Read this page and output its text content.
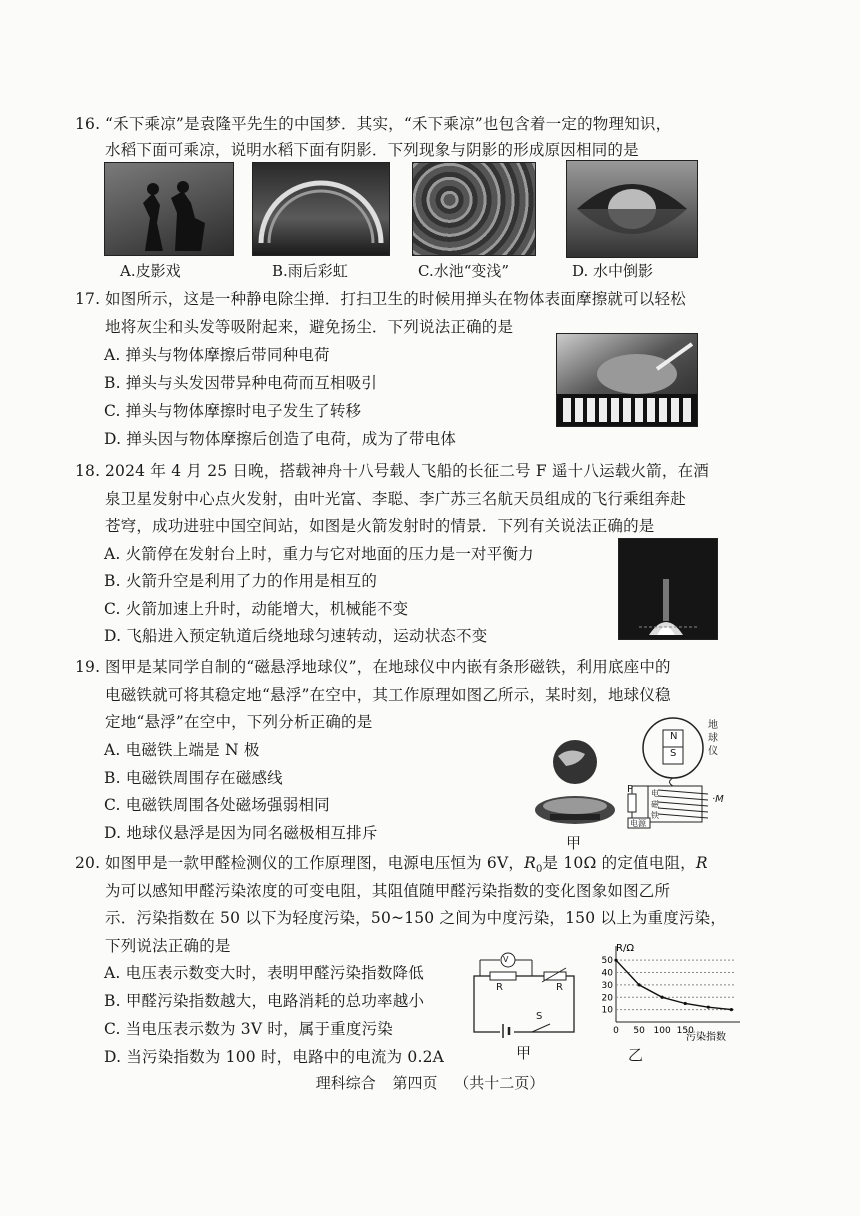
16. “禾下乘凉”是袁隆平先生的中国梦．其实，“禾下乘凉”也包含着一定的物理知识，
水稻下面可乘凉，说明水稻下面有阴影．下列现象与阴影的形成原因相同的是
A.皮影戏	B.雨后彩虹	C.水池“变浅”	D. 水中倒影
17. 如图所示，这是一种静电除尘掸．打扫卫生的时候用掸头在物体表面摩擦就可以轻松
地将灰尘和头发等吸附起来，避免扬尘．下列说法正确的是
A. 掸头与物体摩擦后带同种电荷
B. 掸头与头发因带异种电荷而互相吸引
C. 掸头与物体摩擦时电子发生了转移
D. 掸头因与物体摩擦后创造了电荷，成为了带电体
18. 2024 年 4 月 25 日晚，搭载神舟十八号载人飞船的长征二号 F 遥十八运载火箭，在酒
泉卫星发射中心点火发射，由叶光富、李聪、李广苏三名航天员组成的飞行乘组奔赴
苍穹，成功进驻中国空间站，如图是火箭发射时的情景．下列有关说法正确的是
A. 火箭停在发射台上时，重力与它对地面的压力是一对平衡力
B. 火箭升空是利用了力的作用是相互的
C. 火箭加速上升时，动能增大，机械能不变
D. 飞船进入预定轨道后绕地球匀速转动，运动状态不变
19. 图甲是某同学自制的“磁悬浮地球仪”，在地球仪中内嵌有条形磁铁，利用底座中的
电磁铁就可将其稳定地“悬浮”在空中，其工作原理如图乙所示，某时刻，地球仪稳
定地“悬浮”在空中，下列分析正确的是
A. 电磁铁上端是 N 极
B. 电磁铁周围存在磁感线
C. 电磁铁周围各处磁场强弱相同
D. 地球仪悬浮是因为同名磁极相互排斥
甲
地
球
仪
N
S
P 电
磁
铁
电源
·M
20. 如图甲是一款甲醛检测仪的工作原理图，电源电压恒为 6V，$R_0$是 10Ω 的定值电阻，R
为可以感知甲醛污染浓度的可变电阻，其阻值随甲醛污染指数的变化图象如图乙所
示．污染指数在 50 以下为轻度污染，50~150 之间为中度污染，150 以上为重度污染，
下列说法正确的是
A. 电压表示数变大时，表明甲醛污染指数降低
B. 甲醛污染指数越大，电路消耗的总功率越小
C. 当电压表示数为 3V 时，属于重度污染
D. 当污染指数为 100 时，电路中的电流为 0.2A
V
R	R
S
甲
R/Ω
污染指数
10
20
30
40
50
0 50 100 150
乙
理科综合 第四页 （共十二页）
